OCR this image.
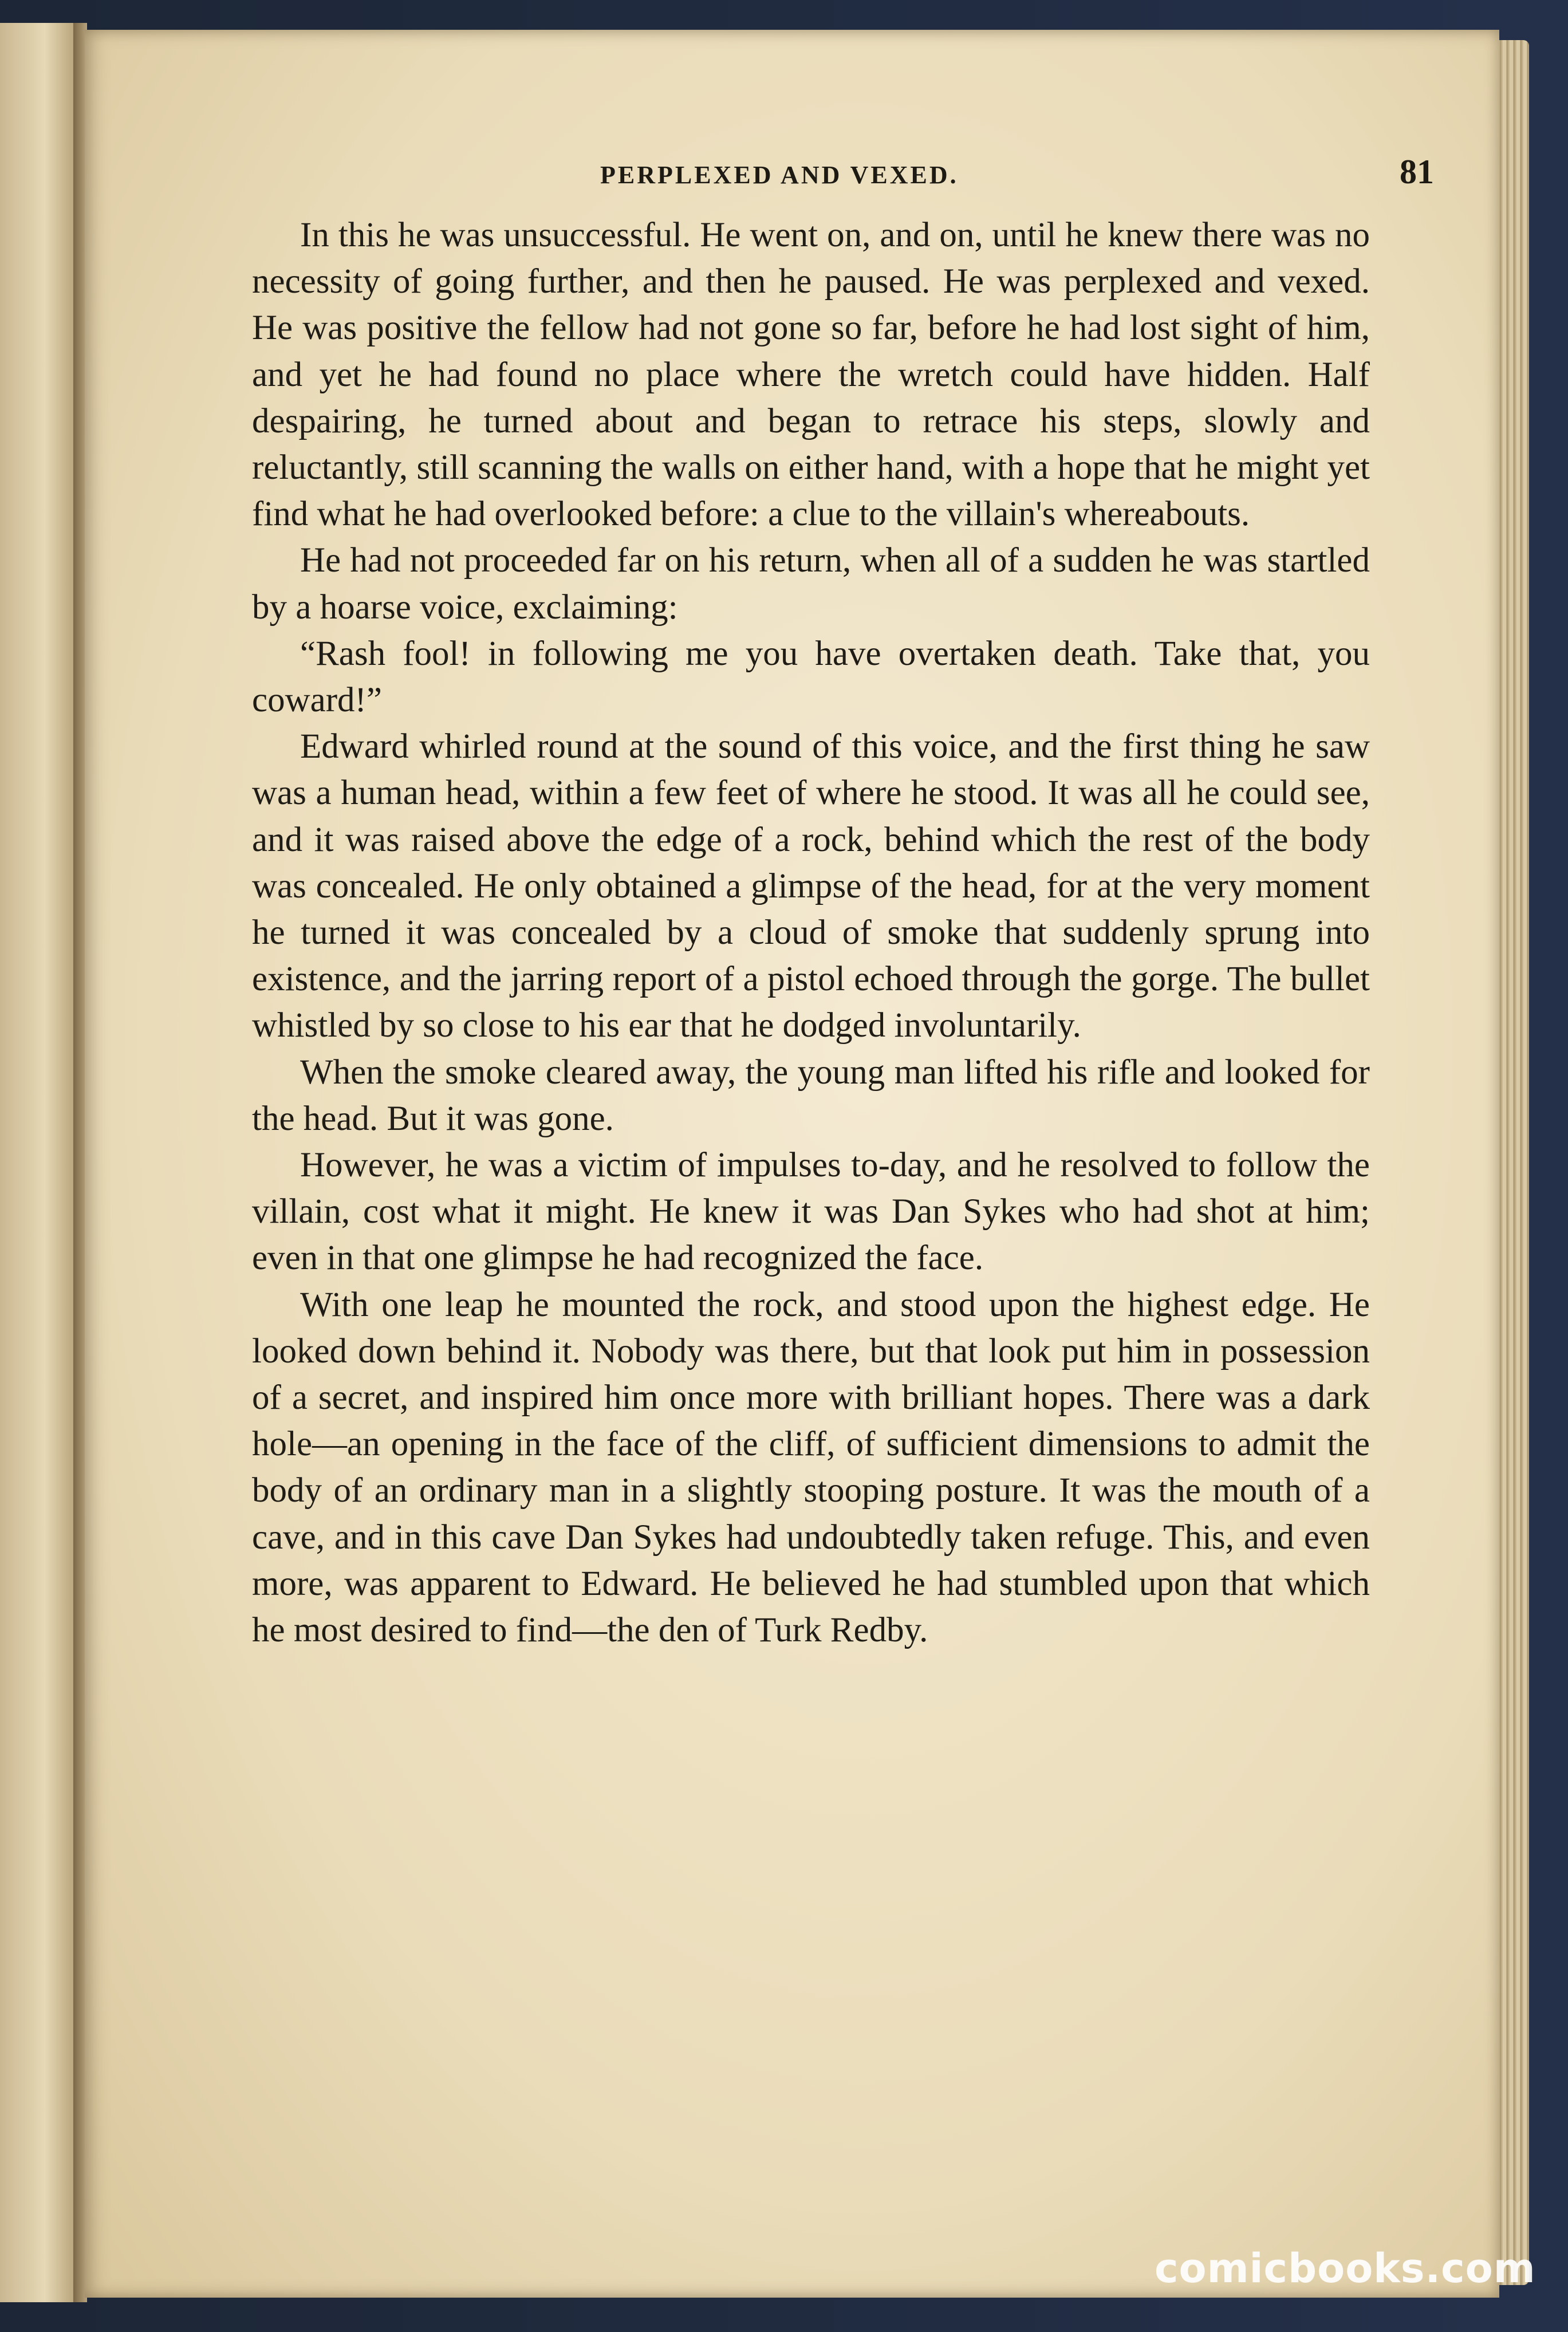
PERPLEXED AND VEXED.	81

In this he was unsuccessful. He went on, and on, until he knew there was no necessity of going further, and then he paused. He was perplexed and vexed. He was positive the fellow had not gone so far, before he had lost sight of him, and yet he had found no place where the wretch could have hidden. Half despairing, he turned about and began to retrace his steps, slowly and reluctantly, still scanning the walls on either hand, with a hope that he might yet find what he had overlooked before: a clue to the villain's whereabouts.

He had not proceeded far on his return, when all of a sudden he was startled by a hoarse voice, exclaiming:

“Rash fool! in following me you have overtaken death. Take that, you coward!”

Edward whirled round at the sound of this voice, and the first thing he saw was a human head, within a few feet of where he stood. It was all he could see, and it was raised above the edge of a rock, behind which the rest of the body was concealed. He only obtained a glimpse of the head, for at the very moment he turned it was concealed by a cloud of smoke that suddenly sprung into existence, and the jarring report of a pistol echoed through the gorge. The bullet whistled by so close to his ear that he dodged involuntarily.

When the smoke cleared away, the young man lifted his rifle and looked for the head. But it was gone.

However, he was a victim of impulses to-day, and he resolved to follow the villain, cost what it might. He knew it was Dan Sykes who had shot at him; even in that one glimpse he had recognized the face.

With one leap he mounted the rock, and stood upon the highest edge. He looked down behind it. Nobody was there, but that look put him in possession of a secret, and inspired him once more with brilliant hopes. There was a dark hole—an opening in the face of the cliff, of sufficient dimensions to admit the body of an ordinary man in a slightly stooping posture. It was the mouth of a cave, and in this cave Dan Sykes had undoubtedly taken refuge. This, and even more, was apparent to Edward. He believed he had stumbled upon that which he most desired to find—the den of Turk Redby.

comicbooks.com
